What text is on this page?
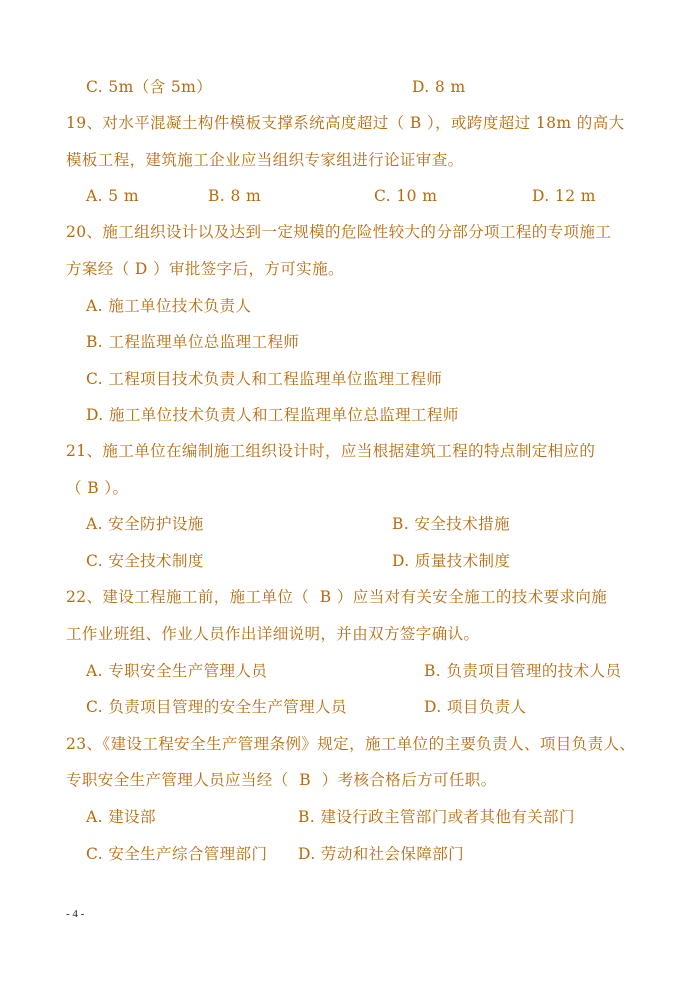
C. 5m（含 5m）	D. 8 m
19、对水平混凝土构件模板支撑系统高度超过（ B ），或跨度超过 18m 的高大
模板工程，建筑施工企业应当组织专家组进行论证审查。
A. 5 m	B. 8 m	C. 10 m	D. 12 m
20、施工组织设计以及达到一定规模的危险性较大的分部分项工程的专项施工
方案经（ D ）审批签字后，方可实施。
A. 施工单位技术负责人
B. 工程监理单位总监理工程师
C. 工程项目技术负责人和工程监理单位监理工程师
D. 施工单位技术负责人和工程监理单位总监理工程师
21、施工单位在编制施工组织设计时，应当根据建筑工程的特点制定相应的
（ B ）。
A. 安全防护设施	B. 安全技术措施
C. 安全技术制度	D. 质量技术制度
22、建设工程施工前，施工单位（  B ）应当对有关安全施工的技术要求向施
工作业班组、作业人员作出详细说明，并由双方签字确认。
A. 专职安全生产管理人员	B. 负责项目管理的技术人员
C. 负责项目管理的安全生产管理人员	D. 项目负责人
23、《建设工程安全生产管理条例》规定，施工单位的主要负责人、项目负责人、
专职安全生产管理人员应当经（  B  ）考核合格后方可任职。
A. 建设部	B. 建设行政主管部门或者其他有关部门
C. 安全生产综合管理部门 D. 劳动和社会保障部门
- 4 -
